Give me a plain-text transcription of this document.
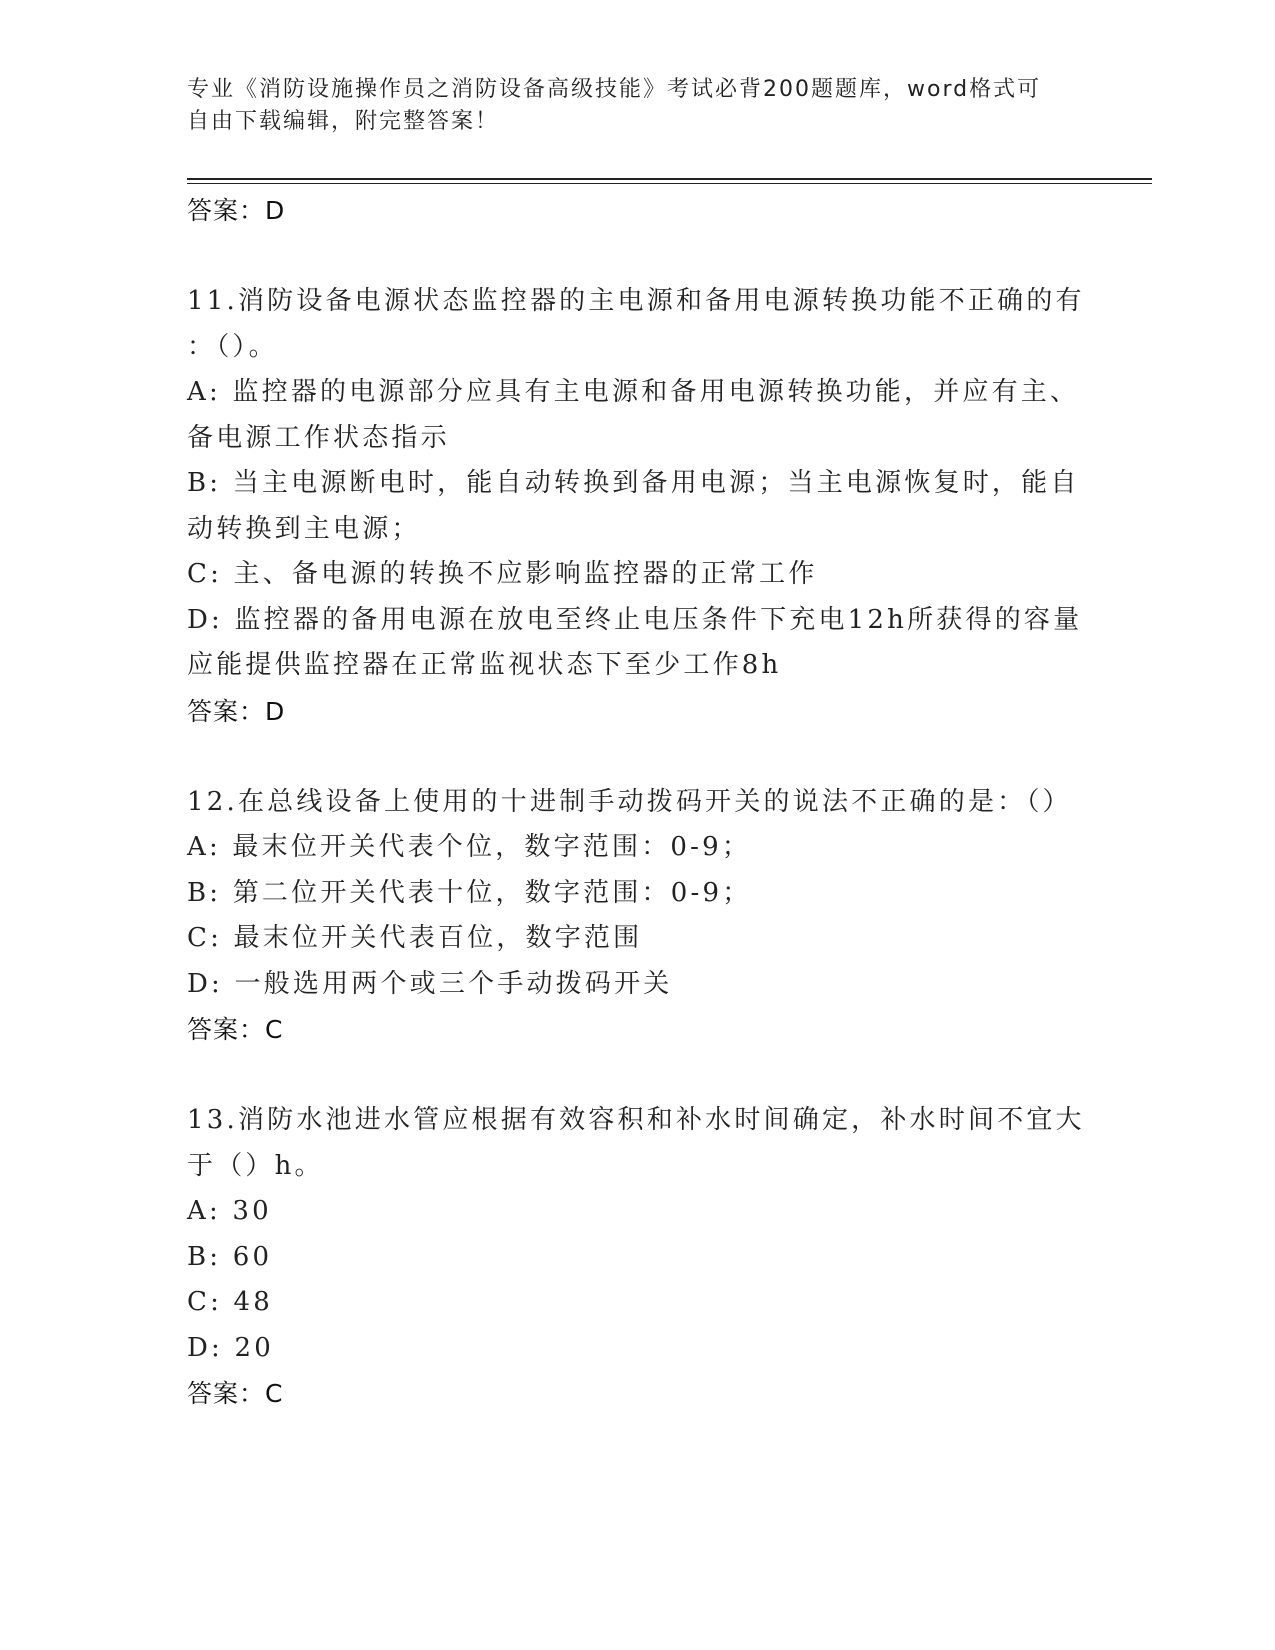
专业《消防设施操作员之消防设备高级技能》考试必背200题题库，word格式可
自由下载编辑，附完整答案！
答案：D
11.消防设备电源状态监控器的主电源和备用电源转换功能不正确的有
：（）。
A: 监控器的电源部分应具有主电源和备用电源转换功能，并应有主、
备电源工作状态指示
B: 当主电源断电时，能自动转换到备用电源；当主电源恢复时，能自
动转换到主电源；
C: 主、备电源的转换不应影响监控器的正常工作
D: 监控器的备用电源在放电至终止电压条件下充电12h所获得的容量
应能提供监控器在正常监视状态下至少工作8h
答案：D
12.在总线设备上使用的十进制手动拨码开关的说法不正确的是：（）
A: 最末位开关代表个位，数字范围：0-9；
B: 第二位开关代表十位，数字范围：0-9；
C: 最末位开关代表百位，数字范围
D: 一般选用两个或三个手动拨码开关
答案：C
13.消防水池进水管应根据有效容积和补水时间确定，补水时间不宜大
于（）h。
A: 30
B: 60
C: 48
D: 20
答案：C
